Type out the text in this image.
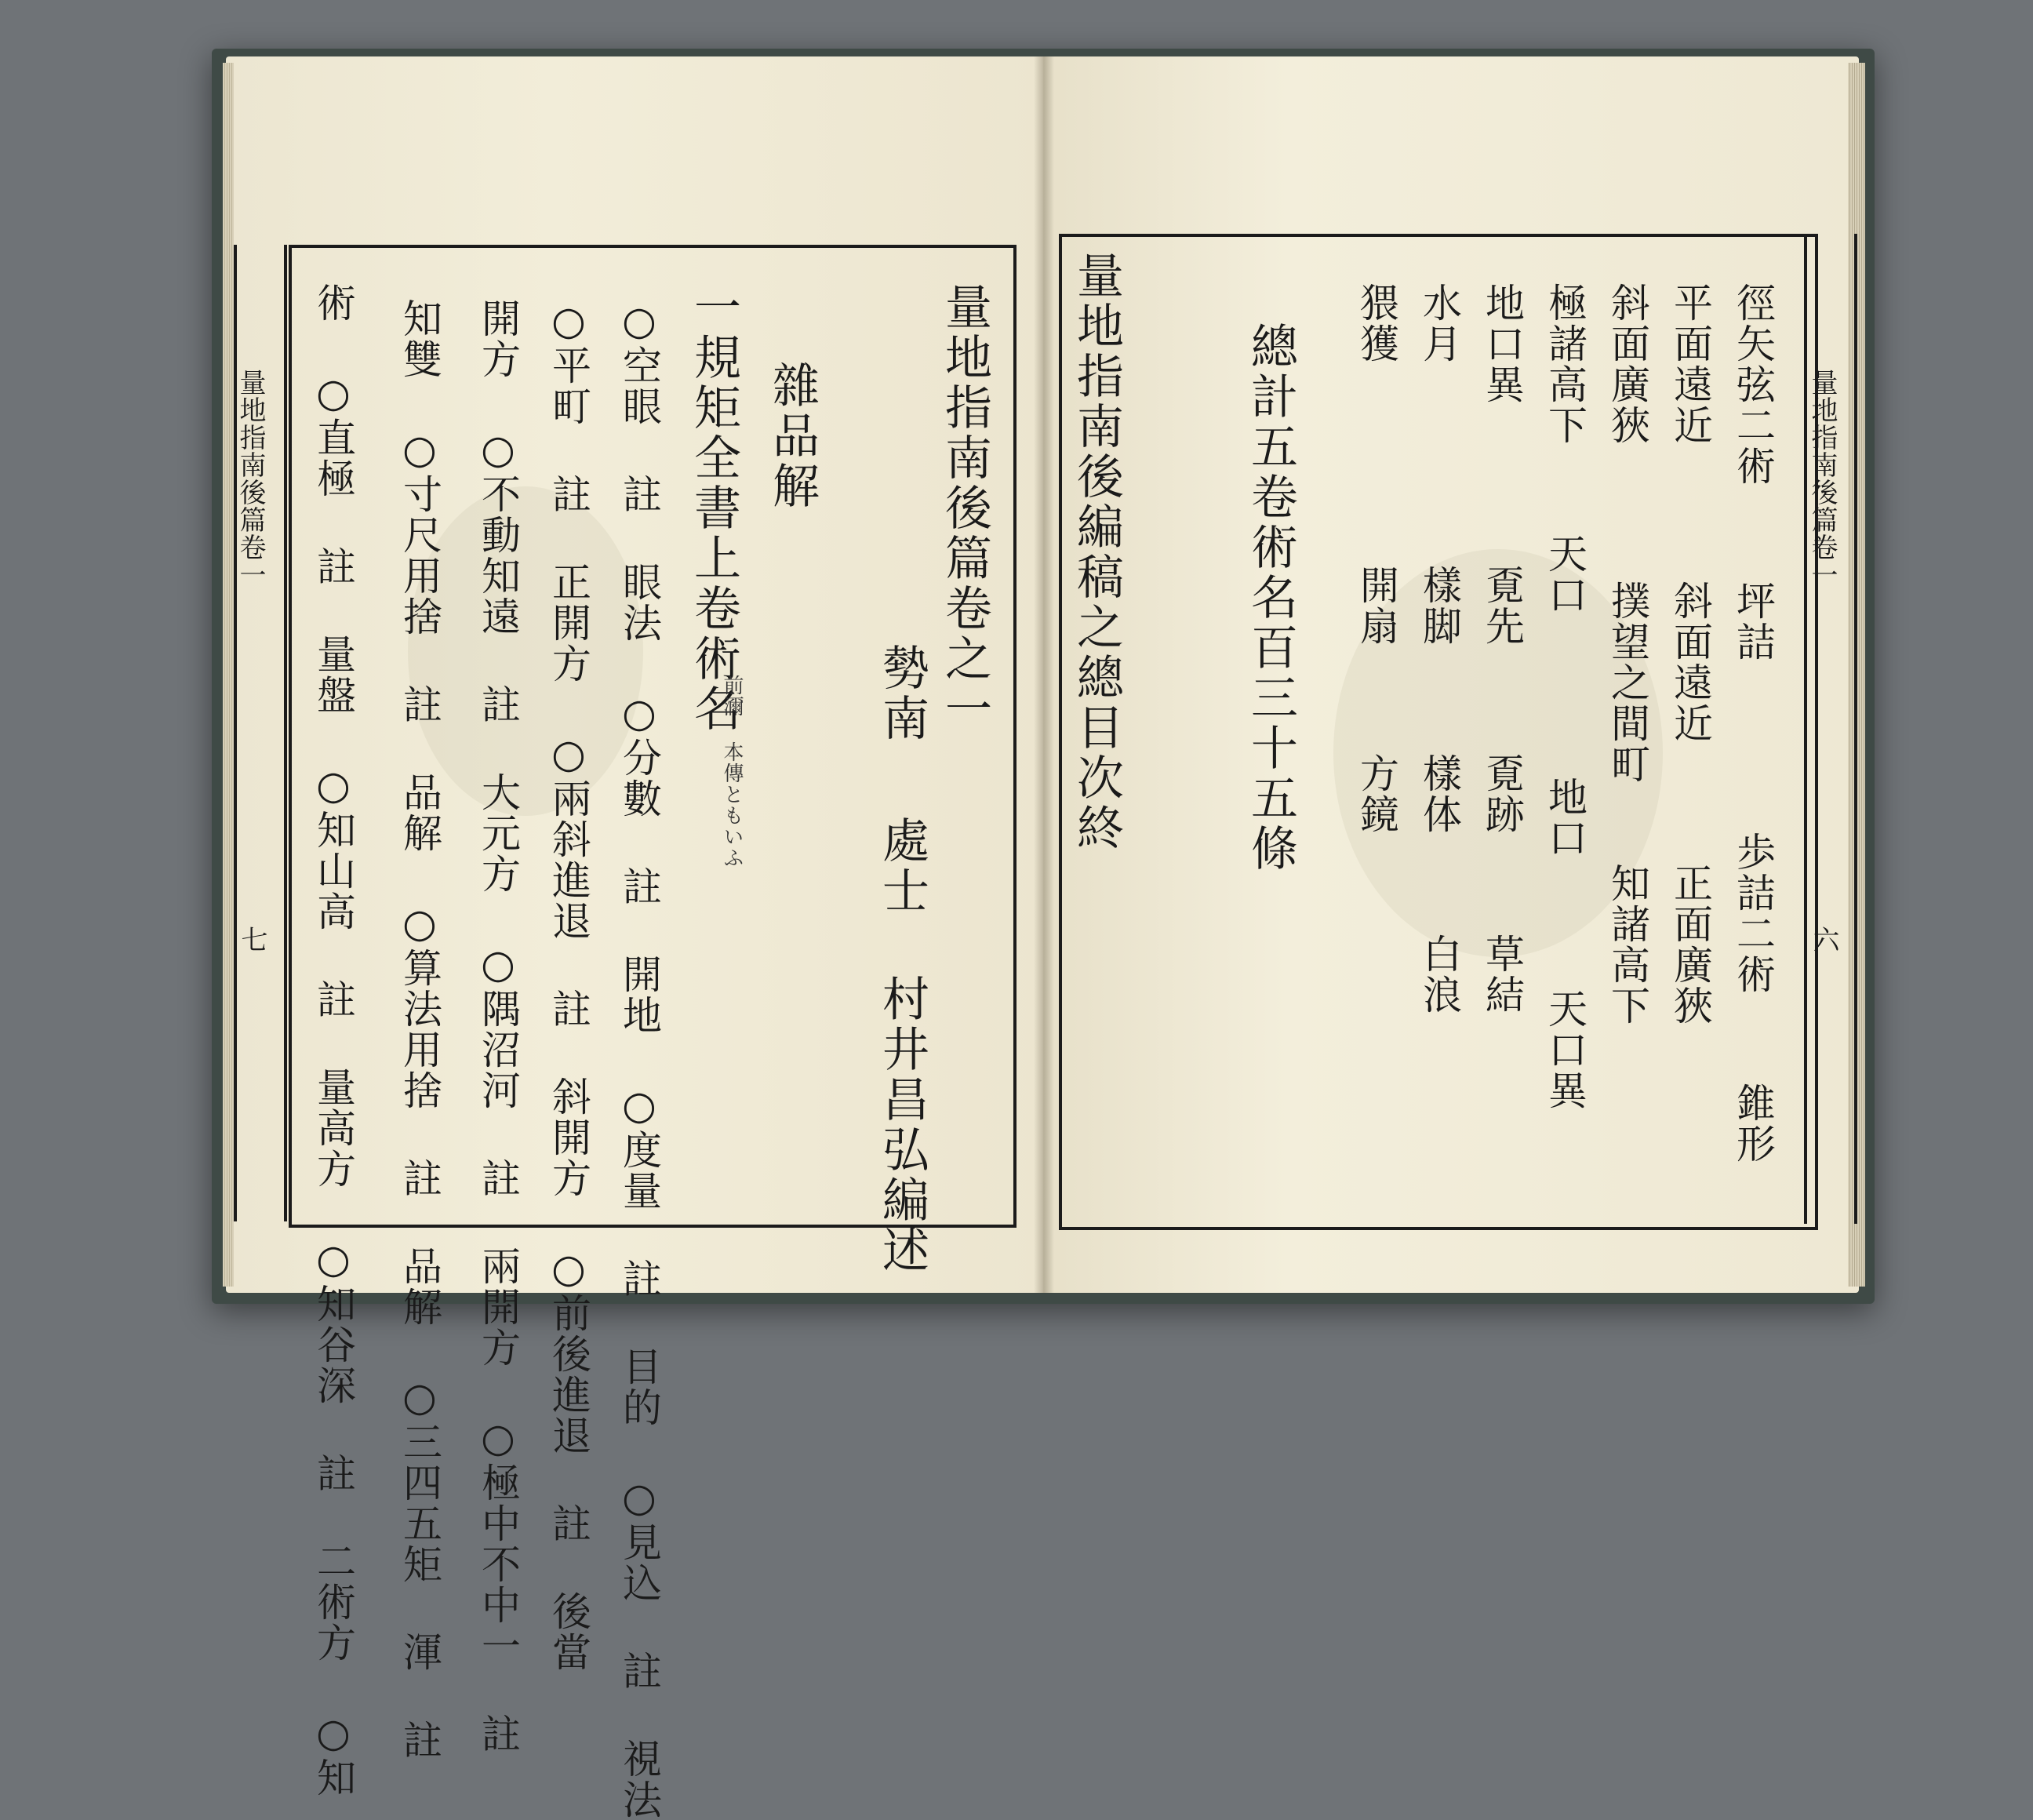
量地指南後篇卷一
七
量地指南後篇卷之一
勢南
處士 村井昌弘編述
雜品解
一規矩全書上卷術名
前濔 本傳ともいふ
○空眼 註 眼法 ○分數 註 開地 ○度量 註 目的 ○見込 註 視法
○平町 註 正開方 ○兩斜進退 註 斜開方 ○前後進退 註 後當
開方 ○不動知遠 註 大元方 ○隅沼河 註 兩開方 ○極中不中一 註
知雙 ○寸尺用捨 註 品解 ○算法用捨 註 品解 ○三四五矩 渾 註
術 ○直極 註 量盤 ○知山高 註 量高方 ○知谷深 註 二術方 ○知	量地指南後篇卷一
六
徑矢弦二術
坪詰
歩詰二術
錐形
平面遠近
斜面遠近
正面廣狹
斜面廣狹
撲望之間町
知諸高下
極諸高下
天口
地口
天口異
地口異
覔先
覔跡
草結
水月
樣脚
樣体
白浪
猥獲
開扇
方鏡
總計五卷術名百三十五條
量地指南後編稿之總目次終
